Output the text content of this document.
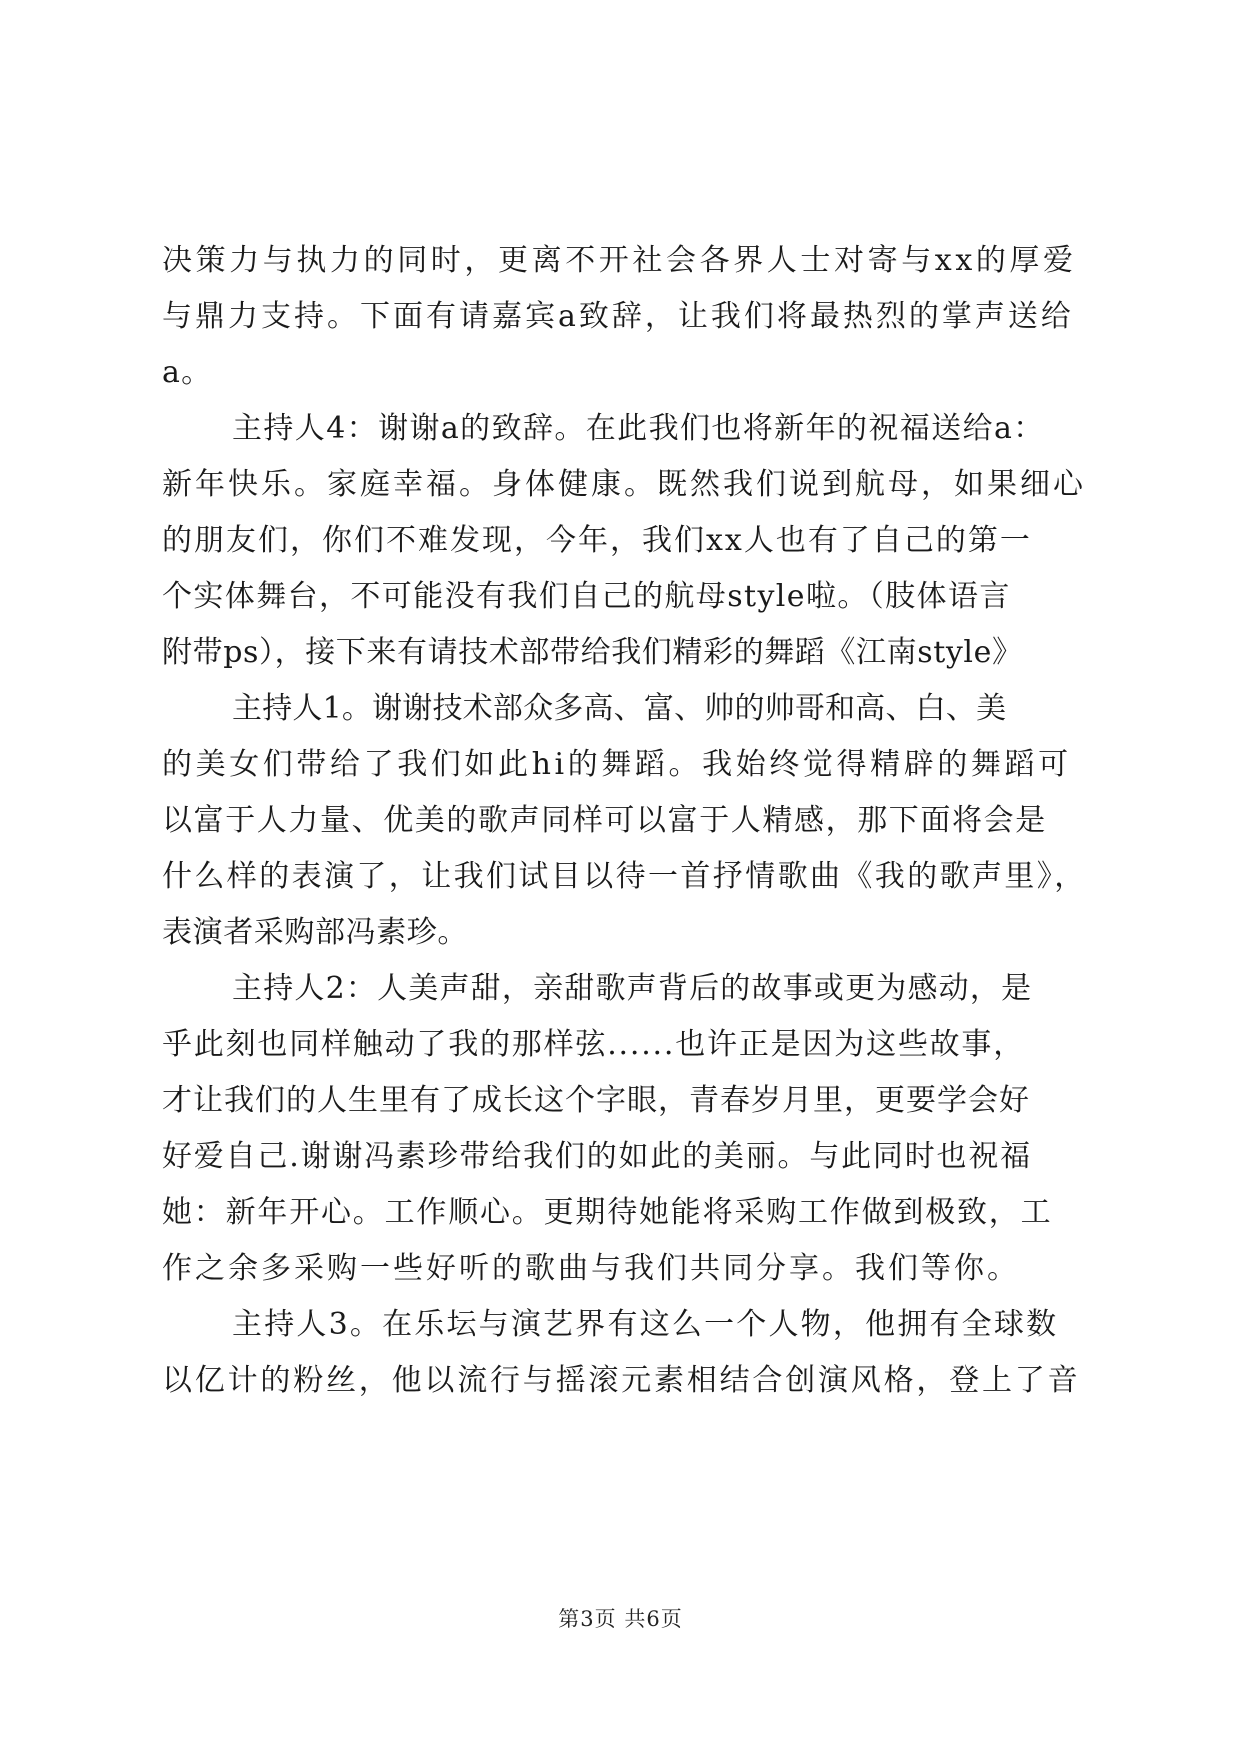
决策力与执力的同时，更离不开社会各界人士对寄与xx的厚爱
与鼎力支持。下面有请嘉宾a致辞，让我们将最热烈的掌声送给
a。
主持人4：谢谢a的致辞。在此我们也将新年的祝福送给a：
新年快乐。家庭幸福。身体健康。既然我们说到航母，如果细心
的朋友们，你们不难发现，今年，我们xx人也有了自己的第一
个实体舞台，不可能没有我们自己的航母style啦。（肢体语言
附带ps），接下来有请技术部带给我们精彩的舞蹈《江南style》
主持人1。谢谢技术部众多高、富、帅的帅哥和高、白、美
的美女们带给了我们如此hi的舞蹈。我始终觉得精辟的舞蹈可
以富于人力量、优美的歌声同样可以富于人精感，那下面将会是
什么样的表演了，让我们试目以待一首抒情歌曲《我的歌声里》，
表演者采购部冯素珍。
主持人2：人美声甜，亲甜歌声背后的故事或更为感动，是
乎此刻也同样触动了我的那样弦......也许正是因为这些故事，
才让我们的人生里有了成长这个字眼，青春岁月里，更要学会好
好爱自己.谢谢冯素珍带给我们的如此的美丽。与此同时也祝福
她：新年开心。工作顺心。更期待她能将采购工作做到极致，工
作之余多采购一些好听的歌曲与我们共同分享。我们等你。
主持人3。在乐坛与演艺界有这么一个人物，他拥有全球数
以亿计的粉丝，他以流行与摇滚元素相结合创演风格，登上了音
第3页 共6页
